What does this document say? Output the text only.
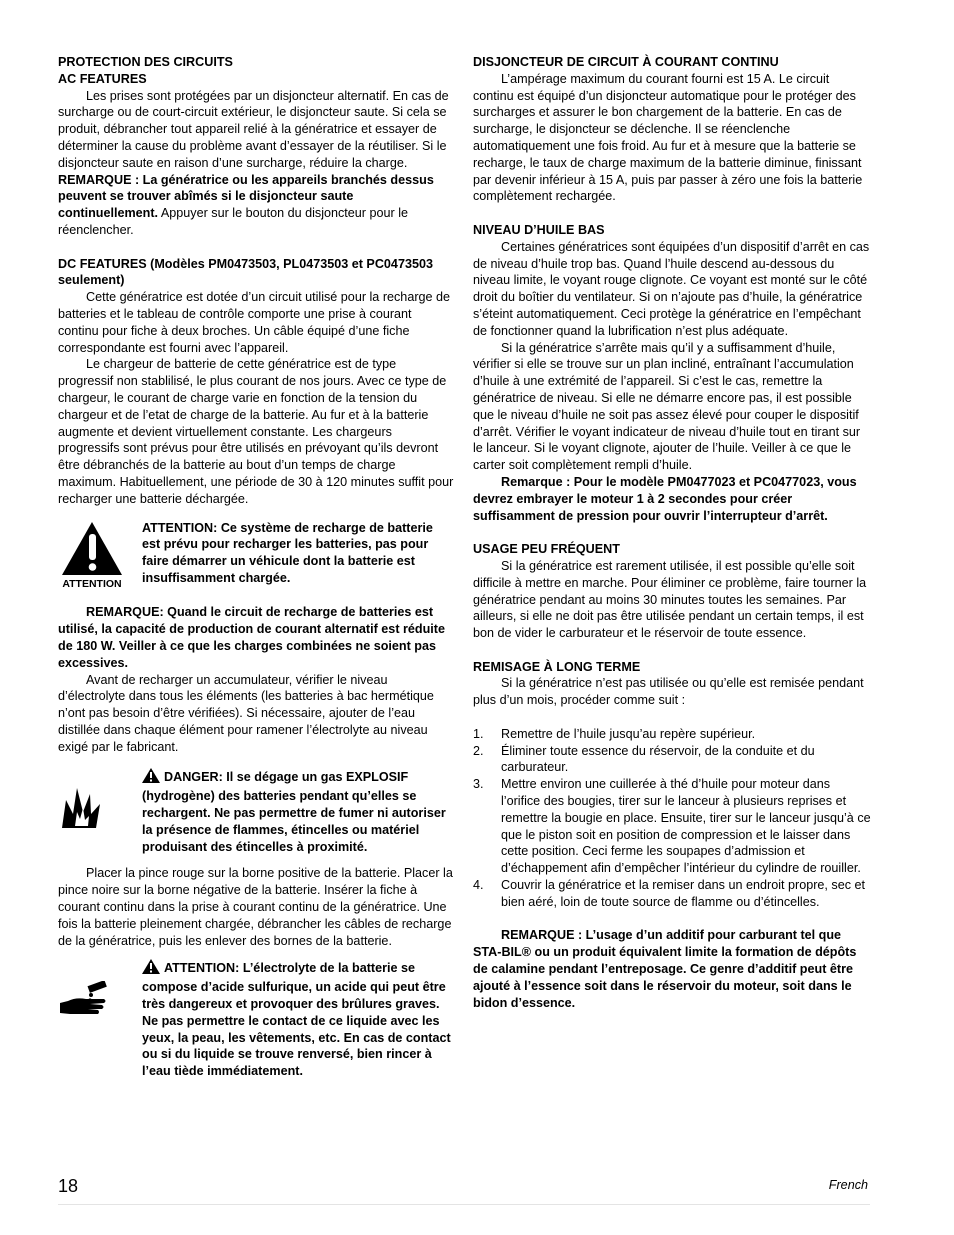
PROTECTION DES CIRCUITS
AC FEATURES

Les prises sont protégées par un disjoncteur alternatif. En cas de surcharge ou de court-circuit extérieur, le disjoncteur saute. Si cela se produit, débrancher tout appareil relié à la génératrice et essayer de déterminer la cause du problème avant d’essayer de la réutiliser. Si le disjoncteur saute en raison d’une surcharge, réduire la charge. REMARQUE : La génératrice ou les appareils branchés dessus peuvent se trouver abîmés si le disjoncteur saute continuellement. Appuyer sur le bouton du disjoncteur pour le réenclencher.

DC FEATURES (Modèles PM0473503, PL0473503 et PC0473503 seulement)

Cette génératrice est dotée d’un circuit utilisé pour la recharge de batteries et le tableau de contrôle comporte une prise à courant continu pour fiche à deux broches. Un câble équipé d’une fiche correspondante est fourni avec l’appareil.

Le chargeur de batterie de cette génératrice est de type progressif non stablilisé, le plus courant de nos jours. Avec ce type de chargeur, le courant de charge varie en fonction de la tension du chargeur et de l’etat de charge de la batterie. Au fur et à la batterie augmente et devient virtuellement constante. Les chargeurs progressifs sont prévus pour être utilisés en prévoyant qu’ils devront être débranchés de la batterie au bout d’un temps de charge maximum. Habituellement, une période de 30 à 120 minutes suffit pour recharger une batterie déchargée.

ATTENTION

ATTENTION: Ce système de recharge de batterie est prévu pour recharger les batteries, pas pour faire démarrer un véhicule dont la batterie est insuffisamment chargée.

REMARQUE: Quand le circuit de recharge de batteries est utilisé, la capacité de production de courant alternatif est réduite de 180 W. Veiller à ce que les charges combinées ne soient pas excessives.

Avant de recharger un accumulateur, vérifier le niveau d’électrolyte dans tous les éléments (les batteries à bac hermétique n’ont pas besoin d’être vérifiées). Si nécessaire, ajouter de l’eau distillée dans chaque élément pour ramener l’électrolyte au niveau exigé par le fabricant.

DANGER: Il se dégage un gas EXPLOSIF (hydrogène) des batteries pendant qu’elles se rechargent. Ne pas permettre de fumer ni autoriser la présence de flammes, étincelles ou matériel produisant des étincelles à proximité.

Placer la pince rouge sur la borne positive de la batterie. Placer la pince noire sur la borne négative de la batterie. Insérer la fiche à courant continu dans la prise à courant continu de la génératrice. Une fois la batterie pleinement chargée, débrancher les câbles de recharge de la génératrice, puis les enlever des bornes de la batterie.

ATTENTION: L’électrolyte de la batterie se compose d’acide sulfurique, un acide qui peut être très dangereux et provoquer des brûlures graves. Ne pas permettre le contact de ce liquide avec les yeux, la peau, les vêtements, etc. En cas de contact ou si du liquide se trouve renversé, bien rincer à l’eau tiède immédiatement.

DISJONCTEUR DE CIRCUIT À COURANT CONTINU

L’ampérage maximum du courant fourni est 15 A. Le circuit continu est équipé d’un disjoncteur automatique pour le protéger des surcharges et assurer le bon chargement de la batterie. En cas de surcharge, le disjoncteur se déclenche. Il se réenclenche automatiquement une fois froid. Au fur et à mesure que la batterie se recharge, le taux de charge maximum de la batterie diminue, finissant par devenir inférieur à 15 A, puis par passer à zéro une fois la batterie complètement rechargée.

NIVEAU D’HUILE BAS

Certaines génératrices sont équipées d’un dispositif d’arrêt en cas de niveau d’huile trop bas. Quand l’huile descend au-dessous du niveau limite, le voyant rouge clignote. Ce voyant est monté sur le côté droit du boîtier du ventilateur. Si on n’ajoute pas d’huile, la génératrice s’éteint automatiquement. Ceci protège la génératrice en l’empêchant de fonctionner quand la lubrification n’est plus adéquate.

Si la génératrice s’arrête mais qu’il y a suffisamment d’huile, vérifier si elle se trouve sur un plan incliné, entraînant l’accumulation d’huile à une extrémité de l’appareil. Si c’est le cas, remettre la génératrice de niveau. Si elle ne démarre encore pas, il est possible que le niveau d’huile ne soit pas assez élevé pour couper le dispositif d’arrêt. Vérifier le voyant indicateur de niveau d’huile tout en tirant sur le lanceur. Si le voyant clignote, ajouter de l’huile. Veiller à ce que le carter soit complètement rempli d’huile.

Remarque : Pour le modèle PM0477023 et PC0477023, vous devrez embrayer le moteur 1 à 2 secondes pour créer suffisamment de pression pour ouvrir l’interrupteur d’arrêt.

USAGE PEU FRÉQUENT

Si la génératrice est rarement utilisée, il est possible qu’elle soit difficile à mettre en marche. Pour éliminer ce problème, faire tourner la génératrice pendant au moins 30 minutes toutes les semaines. Par ailleurs, si elle ne doit pas être utilisée pendant un certain temps, il est bon de vider le carburateur et le réservoir de toute essence.

REMISAGE À LONG TERME

Si la génératrice n’est pas utilisée ou qu’elle est remisée pendant plus d’un mois, procéder comme suit :

1. Remettre de l’huile jusqu’au repère supérieur.
2. Éliminer toute essence du réservoir, de la conduite et du carburateur.
3. Mettre environ une cuillerée à thé d’huile pour moteur dans l’orifice des bougies, tirer sur le lanceur à plusieurs reprises et remettre la bougie en place. Ensuite, tirer sur le lanceur jusqu’à ce que le piston soit en position de compression et le laisser dans cette position. Ceci ferme les soupapes d’admission et d’échappement afin d’empêcher l’intérieur du cylindre de rouiller.
4. Couvrir la génératrice et la remiser dans un endroit propre, sec et bien aéré, loin de toute source de flamme ou d’étincelles.

REMARQUE : L’usage d’un additif pour carburant tel que STA-BIL® ou un produit équivalent limite la formation de dépôts de calamine pendant l’entreposage. Ce genre d’additif peut être ajouté à l’essence soit dans le réservoir du moteur, soit dans le bidon d’essence.

18	French
